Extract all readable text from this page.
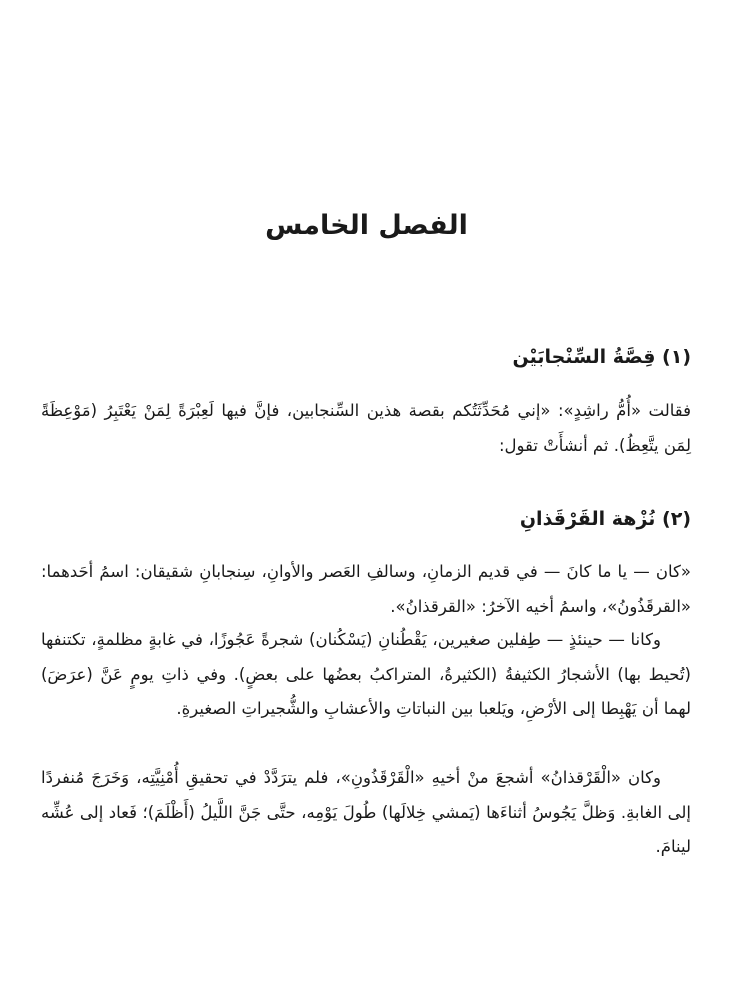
الفصل الخامس
(١) قِصَّةُ السِّنْجابَيْن

فقالت «أُمُّ راشِدٍ»: «إني مُحَدِّثَتُكم بقصة هذين السِّنجابين، فإنَّ فيها لَعِبْرَةً لِمَنْ يَعْتَبِرُ (مَوْعِظَةً لِمَن يتَّعِظُ). ثم أنشأَتْ تقول:

(٢) نُزْهة القَرْقَذانِ

«كان — يا ما كانَ — في قديم الزمانِ، وسالفِ العَصر والأوانِ، سِنجابانِ شقيقان: اسمُ أحَدهما: «القرقَذُونُ»، واسمُ أخيه الآخرُ: «القرقذانُ».

وكانا — حينئذٍ — طِفلين صغيرين، يَقْطُنانِ (يَسْكُنان) شجرةً عَجُوزًا، في غابةٍ مظلمةٍ، تكتنفها (تُحيط بها) الأشجارُ الكثيفةُ (الكثيرةُ، المتراكبُ بعضُها على بعضٍ). وفي ذاتِ يومٍ عَنَّ (عرَضَ) لهما أن يَهْبِطا إلى الأرْضِ، ويَلعبا بين النباتاتِ والأعشابِ والشُّجيراتِ الصغيرةِ.

وكان «الْقَرْقذانُ» أشجعَ منْ أخيهِ «الْقَرْقَذُونِ»، فلم يترَدَّدْ في تحقيقِ أُمْنِيَّتِه، وَخَرَجَ مُنفردًا إلى الغابةِ. وَظلَّ يَجُوسُ أثناءَها (يَمشي خِلالَها) طُولَ يَوْمِه، حتَّى جَنَّ اللَّيلُ (أَظْلَمَ)؛ فَعاد إلى عُشِّه لينامَ.
